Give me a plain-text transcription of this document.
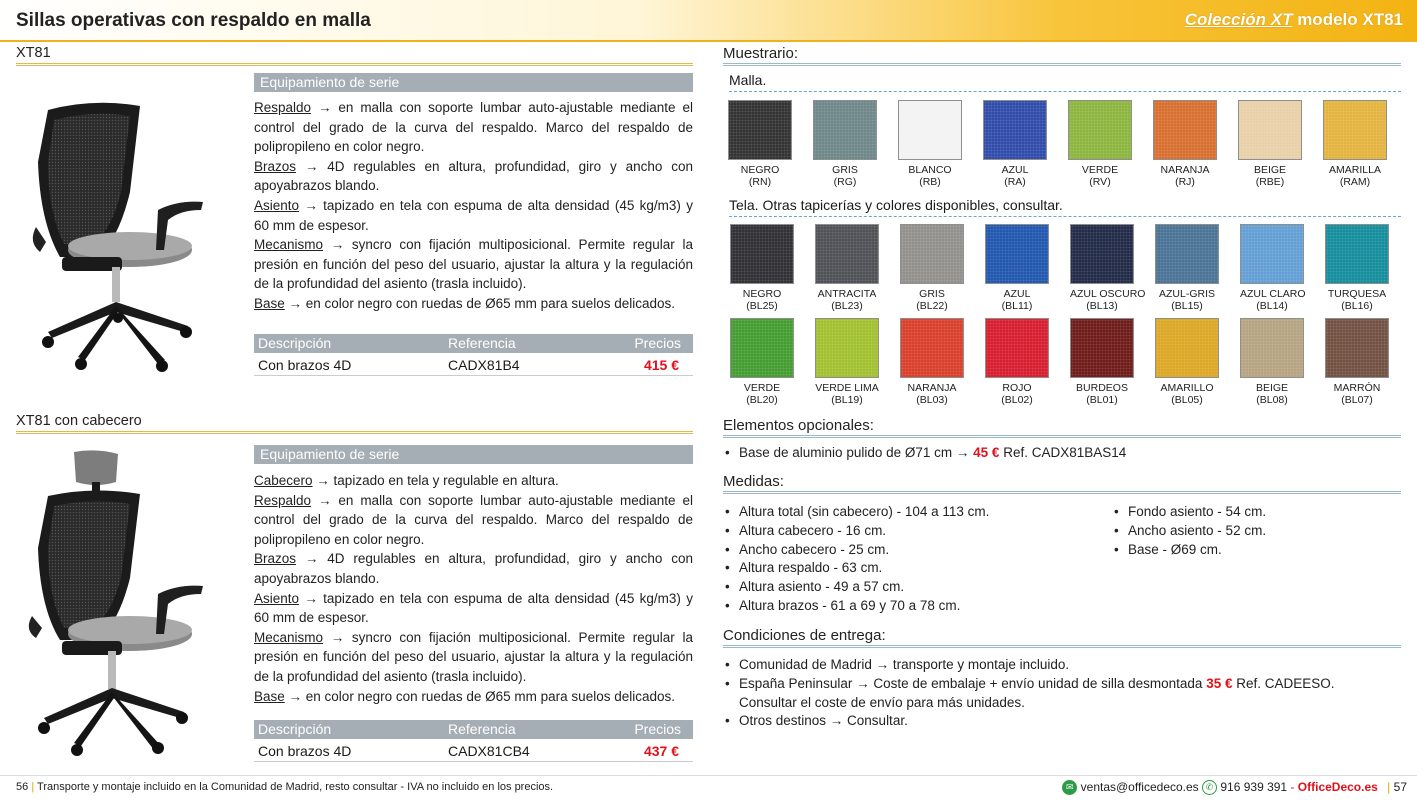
Sillas operativas con respaldo en malla	Colección XT modelo XT81
XT81
Equipamiento de serie
Respaldo → en malla con soporte lumbar auto-ajustable mediante el control del grado de la curva del respaldo. Marco del respaldo de polipropileno en color negro.
Brazos → 4D regulables en altura, profundidad, giro y ancho con apoyabrazos blando.
Asiento → tapizado en tela con espuma de alta densidad (45 kg/m3) y 60 mm de espesor.
Mecanismo → syncro con fijación multiposicional. Permite regular la presión en función del peso del usuario, ajustar la altura y la regulación de la profundidad del asiento (trasla incluido).
Base → en color negro con ruedas de Ø65 mm para suelos delicados.
Descripción	Referencia	Precios
Con brazos 4D	CADX81B4	415 €
XT81 con cabecero
Equipamiento de serie
Cabecero → tapizado en tela y regulable en altura.
Respaldo → en malla con soporte lumbar auto-ajustable mediante el control del grado de la curva del respaldo. Marco del respaldo de polipropileno en color negro.
Brazos → 4D regulables en altura, profundidad, giro y ancho con apoyabrazos blando.
Asiento → tapizado en tela con espuma de alta densidad (45 kg/m3) y 60 mm de espesor.
Mecanismo → syncro con fijación multiposicional. Permite regular la presión en función del peso del usuario, ajustar la altura y la regulación de la profundidad del asiento (trasla incluido).
Base → en color negro con ruedas de Ø65 mm para suelos delicados.
Descripción	Referencia	Precios
Con brazos 4D	CADX81CB4	437 €
Muestrario:
Malla.
NEGRO
(RN)
GRIS
(RG)
BLANCO
(RB)
AZUL
(RA)
VERDE
(RV)
NARANJA
(RJ)
BEIGE
(RBE)
AMARILLA
(RAM)
Tela. Otras tapicerías y colores disponibles, consultar.
NEGRO
(BL25)
ANTRACITA
(BL23)
GRIS
(BL22)
AZUL
(BL11)
AZUL OSCURO
(BL13)
AZUL-GRIS
(BL15)
AZUL CLARO
(BL14)
TURQUESA
(BL16)
VERDE
(BL20)
VERDE LIMA
(BL19)
NARANJA
(BL03)
ROJO
(BL02)
BURDEOS
(BL01)
AMARILLO
(BL05)
BEIGE
(BL08)
MARRÓN
(BL07)
Elementos opcionales:
• Base de aluminio pulido de Ø71 cm → 45 € Ref. CADX81BAS14
Medidas:
• Altura total (sin cabecero) - 104 a 113 cm.
• Altura cabecero - 16 cm.
• Ancho cabecero - 25 cm.
• Altura respaldo - 63 cm.
• Altura asiento - 49 a 57 cm.
• Altura brazos - 61 a 69 y 70 a 78 cm.
• Fondo asiento - 54 cm.
• Ancho asiento - 52 cm.
• Base - Ø69 cm.
Condiciones de entrega:
• Comunidad de Madrid → transporte y montaje incluido.
• España Peninsular → Coste de embalaje + envío unidad de silla desmontada 35 € Ref. CADEESO.
Consultar el coste de envío para más unidades.
• Otros destinos → Consultar.
56 | Transporte y montaje incluido en la Comunidad de Madrid, resto consultar - IVA no incluido en los precios.	✉ ventas@officedeco.es ✆ 916 939 391 - OfficeDeco.es | 57
